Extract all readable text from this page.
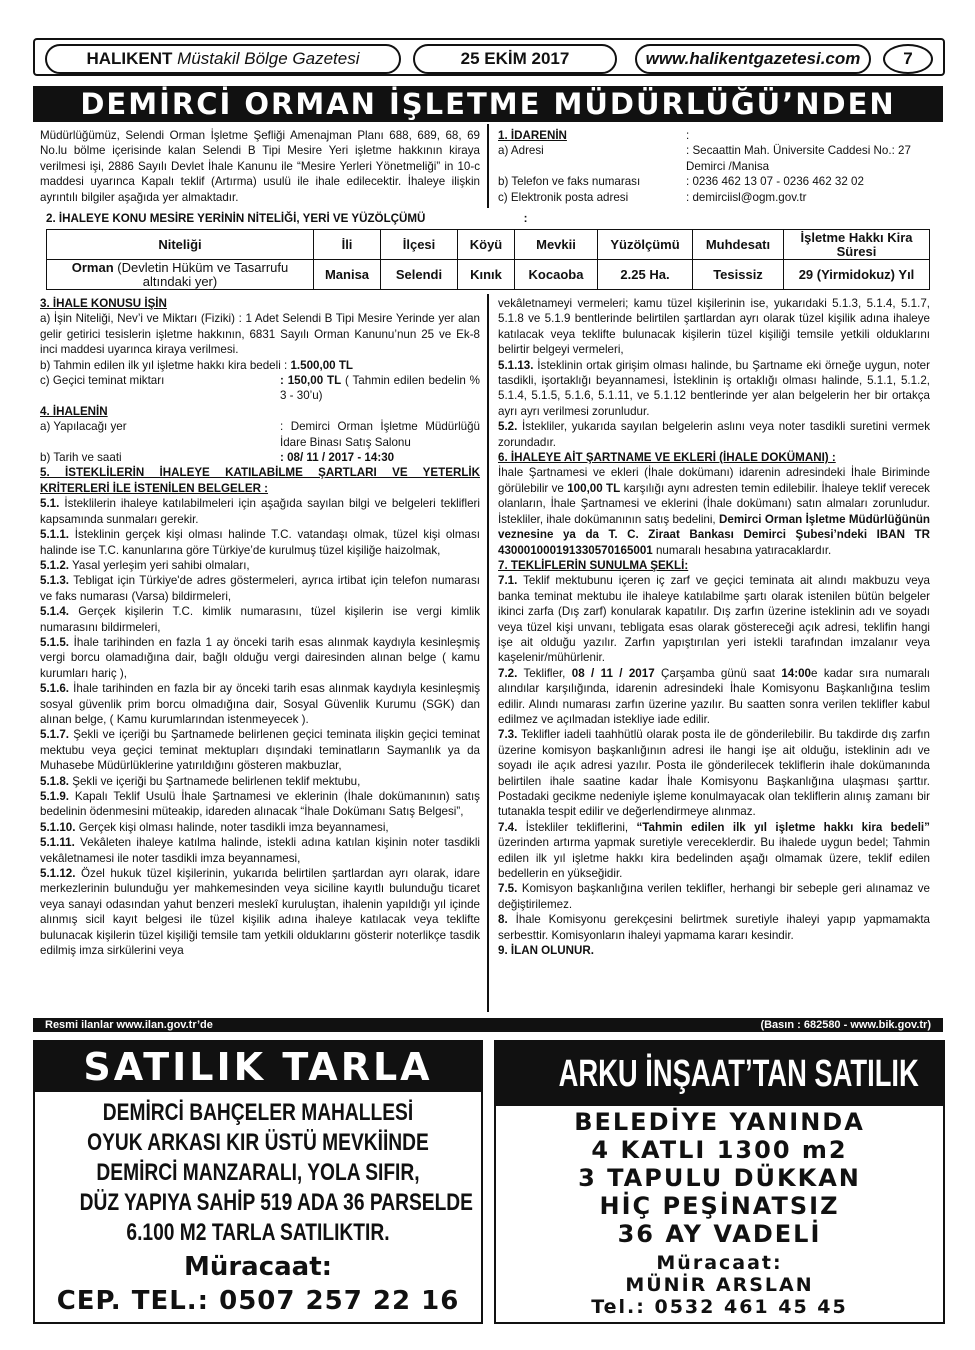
HALIKENT Müstakil Bölge Gazetesi	25 EKİM 2017	www.halikentgazetesi.com	7
DEMİRCİ ORMAN İŞLETME MÜDÜRLÜĞÜ’NDEN
Müdürlüğümüz, Selendi Orman İşletme Şefliği Amenajman Planı 688, 689, 68, 69 No.lu bölme içerisinde kalan Selendi B Tipi Mesire Yeri işletme hakkının kiraya verilmesi işi, 2886 Sayılı Devlet İhale Kanunu ile “Mesire Yerleri Yönetmeliği” in 10-c maddesi uyarınca Kapalı teklif (Artırma) usulü ile ihale edilecektir. İhaleye ilişkin ayrıntılı bilgiler aşağıda yer almaktadır.
1. İDARENİN	:
a) Adresi	: Secaattin Mah. Üniversite Caddesi No.: 27 Demirci /Manisa
b) Telefon ve faks numarası	: 0236 462 13 07 - 0236 462 32 02
c) Elektronik posta adresi	: demirciisl@ogm.gov.tr
2. İHALEYE KONU MESİRE YERİNİN NİTELİĞİ, YERİ VE YÜZÖLÇÜMÜ	:
Niteliği	İli	İlçesi	Köyü	Mevkii	Yüzölçümü	Muhdesatı	İşletme Hakkı Kira Süresi
Orman (Devletin Hüküm ve Tasarrufu altındaki yer)	Manisa	Selendi	Kınık	Kocaoba	2.25 Ha.	Tesissiz	29 (Yirmidokuz) Yıl

3. İHALE KONUSU İŞİN

a) İşin Niteliği, Nev’i ve Miktarı (Fiziki) : 1 Adet Selendi B Tipi Mesire Yerinde yer alan gelir getirici tesislerin işletme hakkının, 6831 Sayılı Orman Kanunu’nun 25 ve Ek-8 inci maddesi uyarınca kiraya verilmesi.

b) Tahmin edilen ilk yıl işletme hakkı kira bedeli : 1.500,00 TL

c) Geçici teminat miktarı	: 150,00 TL ( Tahmin edilen bedelin % 3 - 30’u)

4. İHALENİN

a) Yapılacağı yer	: Demirci Orman İşletme Müdürlüğü İdare Binası Satış Salonu
b) Tarih ve saati	: 08/ 11 / 2017 - 14:30

5. İSTEKLİLERİN İHALEYE KATILABİLME ŞARTLARI VE YETERLİK KRİTERLERİ İLE İSTENİLEN BELGELER :

5.1. İsteklilerin ihaleye katılabilmeleri için aşağıda sayılan bilgi ve belgeleri teklifleri kapsamında sunmaları gerekir.

5.1.1. İsteklinin gerçek kişi olması halinde T.C. vatandaşı olmak, tüzel kişi olması halinde ise T.C. kanunlarına göre Türkiye’de kurulmuş tüzel kişiliğe haizolmak,

5.1.2. Yasal yerleşim yeri sahibi olmaları,

5.1.3. Tebligat için Türkiye'de adres göstermeleri, ayrıca irtibat için telefon numarası ve faks numarası (Varsa) bildirmeleri,

5.1.4. Gerçek kişilerin T.C. kimlik numarasını, tüzel kişilerin ise vergi kimlik numarasını bildirmeleri,

5.1.5. İhale tarihinden en fazla 1 ay önceki tarih esas alınmak kaydıyla kesinleşmiş vergi borcu olamadığına dair, bağlı olduğu vergi dairesinden alınan belge ( kamu kurumları hariç ),

5.1.6. İhale tarihinden en fazla bir ay önceki tarih esas alınmak kaydıyla kesinleşmiş sosyal güvenlik prim borcu olmadığına dair, Sosyal Güvenlik Kurumu (SGK) dan alınan belge, ( Kamu kurumlarından istenmeyecek ).

5.1.7. Şekli ve içeriği bu Şartnamede belirlenen geçici teminata ilişkin geçici teminat mektubu veya geçici teminat mektupları dışındaki teminatların Saymanlık ya da Muhasebe Müdürlüklerine yatırıldığını gösteren makbuzlar,

5.1.8. Şekli ve içeriği bu Şartnamede belirlenen teklif mektubu,

5.1.9. Kapalı Teklif Usulü İhale Şartnamesi ve eklerinin (İhale dokümanının) satış bedelinin ödenmesini müteakip, idareden alınacak “İhale Dokümanı Satış Belgesi”,

5.1.10. Gerçek kişi olması halinde, noter tasdikli imza beyannamesi,

5.1.11. Vekâleten ihaleye katılma halinde, istekli adına katılan kişinin noter tasdikli vekâletnamesi ile noter tasdikli imza beyannamesi,

5.1.12. Özel hukuk tüzel kişilerinin, yukarıda belirtilen şartlardan ayrı olarak, idare merkezlerinin bulunduğu yer mahkemesinden veya siciline kayıtlı bulunduğu ticaret veya sanayi odasından yahut benzeri meslekî kuruluştan, ihalenin yapıldığı yıl içinde alınmış sicil kayıt belgesi ile tüzel kişilik adına ihaleye katılacak veya teklifte bulunacak kişilerin tüzel kişiliği temsile tam yetkili olduklarını gösterir noterlikçe tasdik edilmiş imza sirkülerini veya

vekâletnameyi vermeleri; kamu tüzel kişilerinin ise, yukarıdaki 5.1.3, 5.1.4, 5.1.7, 5.1.8 ve 5.1.9 bentlerinde belirtilen şartlardan ayrı olarak tüzel kişilik adına ihaleye katılacak veya teklifte bulunacak kişilerin tüzel kişiliği temsile yetkili olduklarını belirtir belgeyi vermeleri,

5.1.13. İsteklinin ortak girişim olması halinde, bu Şartname eki örneğe uygun, noter tasdikli, işortaklığı beyannamesi, İsteklinin iş ortaklığı olması halinde, 5.1.1, 5.1.2, 5.1.4, 5.1.5, 5.1.6, 5.1.11, ve 5.1.12 bentlerinde yer alan belgelerin her bir ortakça ayrı ayrı verilmesi zorunludur.

5.2. İstekliler, yukarıda sayılan belgelerin aslını veya noter tasdikli suretini vermek zorundadır.

6. İHALEYE AİT ŞARTNAME VE EKLERİ (İHALE DOKÜMANI) :

İhale Şartnamesi ve ekleri (İhale dokümanı) idarenin adresindeki İhale Biriminde görülebilir ve 100,00 TL karşılığı aynı adresten temin edilebilir. İhaleye teklif verecek olanların, İhale Şartnamesi ve eklerini (İhale dokümanı) satın almaları zorunludur. İstekliler, ihale dokümanının satış bedelini, Demirci Orman İşletme Müdürlüğünün veznesine ya da T. C. Ziraat Bankası Demirci Şubesi’ndeki IBAN TR 430001000191330570165001 numaralı hesabına yatıracaklardır.

7. TEKLİFLERİN SUNULMA ŞEKLİ:

7.1. Teklif mektubunu içeren iç zarf ve geçici teminata ait alındı makbuzu veya banka teminat mektubu ile ihaleye katılabilme şartı olarak istenilen bütün belgeler ikinci zarfa (Dış zarf) konularak kapatılır. Dış zarfın üzerine isteklinin adı ve soyadı veya tüzel kişi unvanı, tebligata esas olarak göstereceği açık adresi, teklifin hangi işe ait olduğu yazılır. Zarfın yapıştırılan yeri istekli tarafından imzalanır veya kaşelenir/mühürlenir.

7.2. Teklifler, 08 / 11 / 2017 Çarşamba günü saat 14:00e kadar sıra numaralı alındılar karşılığında, idarenin adresindeki İhale Komisyonu Başkanlığına teslim edilir. Alındı numarası zarfın üzerine yazılır. Bu saatten sonra verilen teklifler kabul edilmez ve açılmadan istekliye iade edilir.

7.3. Teklifler iadeli taahhütlü olarak posta ile de gönderilebilir. Bu takdirde dış zarfın üzerine komisyon başkanlığının adresi ile hangi işe ait olduğu, isteklinin adı ve soyadı ile açık adresi yazılır. Posta ile gönderilecek tekliflerin ihale dokümanında belirtilen ihale saatine kadar İhale Komisyonu Başkanlığına ulaşması şarttır. Postadaki gecikme nedeniyle işleme konulmayacak olan tekliflerin alınış zamanı bir tutanakla tespit edilir ve değerlendirmeye alınmaz.

7.4. İstekliler tekliflerini, “Tahmin edilen ilk yıl işletme hakkı kira bedeli” üzerinden artırma yapmak suretiyle vereceklerdir. Bu ihalede uygun bedel; Tahmin edilen ilk yıl işletme hakkı kira bedelinden aşağı olmamak üzere, teklif edilen bedellerin en yükseğidir.

7.5. Komisyon başkanlığına verilen teklifler, herhangi bir sebeple geri alınamaz ve değiştirilemez.

8. İhale Komisyonu gerekçesini belirtmek suretiyle ihaleyi yapıp yapmamakta serbesttir. Komisyonların ihaleyi yapmama kararı kesindir.

9. İLAN OLUNUR.

Resmi ilanlar www.ilan.gov.tr’de	(Basın : 682580 - www.bik.gov.tr)
SATILIK TARLA
DEMİRCİ BAHÇELER MAHALLESİ
OYUK ARKASI KIR ÜSTÜ MEVKİİNDE
DEMİRCİ MANZARALI, YOLA SIFIR,
DÜZ YAPIYA SAHİP 519 ADA 36 PARSELDE
6.100 M2 TARLA SATILIKTIR.
Müracaat:
CEP. TEL.: 0507 257 22 16
ARKU İNŞAAT’TAN SATILIK
BELEDİYE YANINDA
4 KATLI 1300 m2
3 TAPULU DÜKKAN
HİÇ PEŞİNATSIZ
36 AY VADELİ
Müracaat:
MÜNİR ARSLAN
Tel.: 0532 461 45 45
